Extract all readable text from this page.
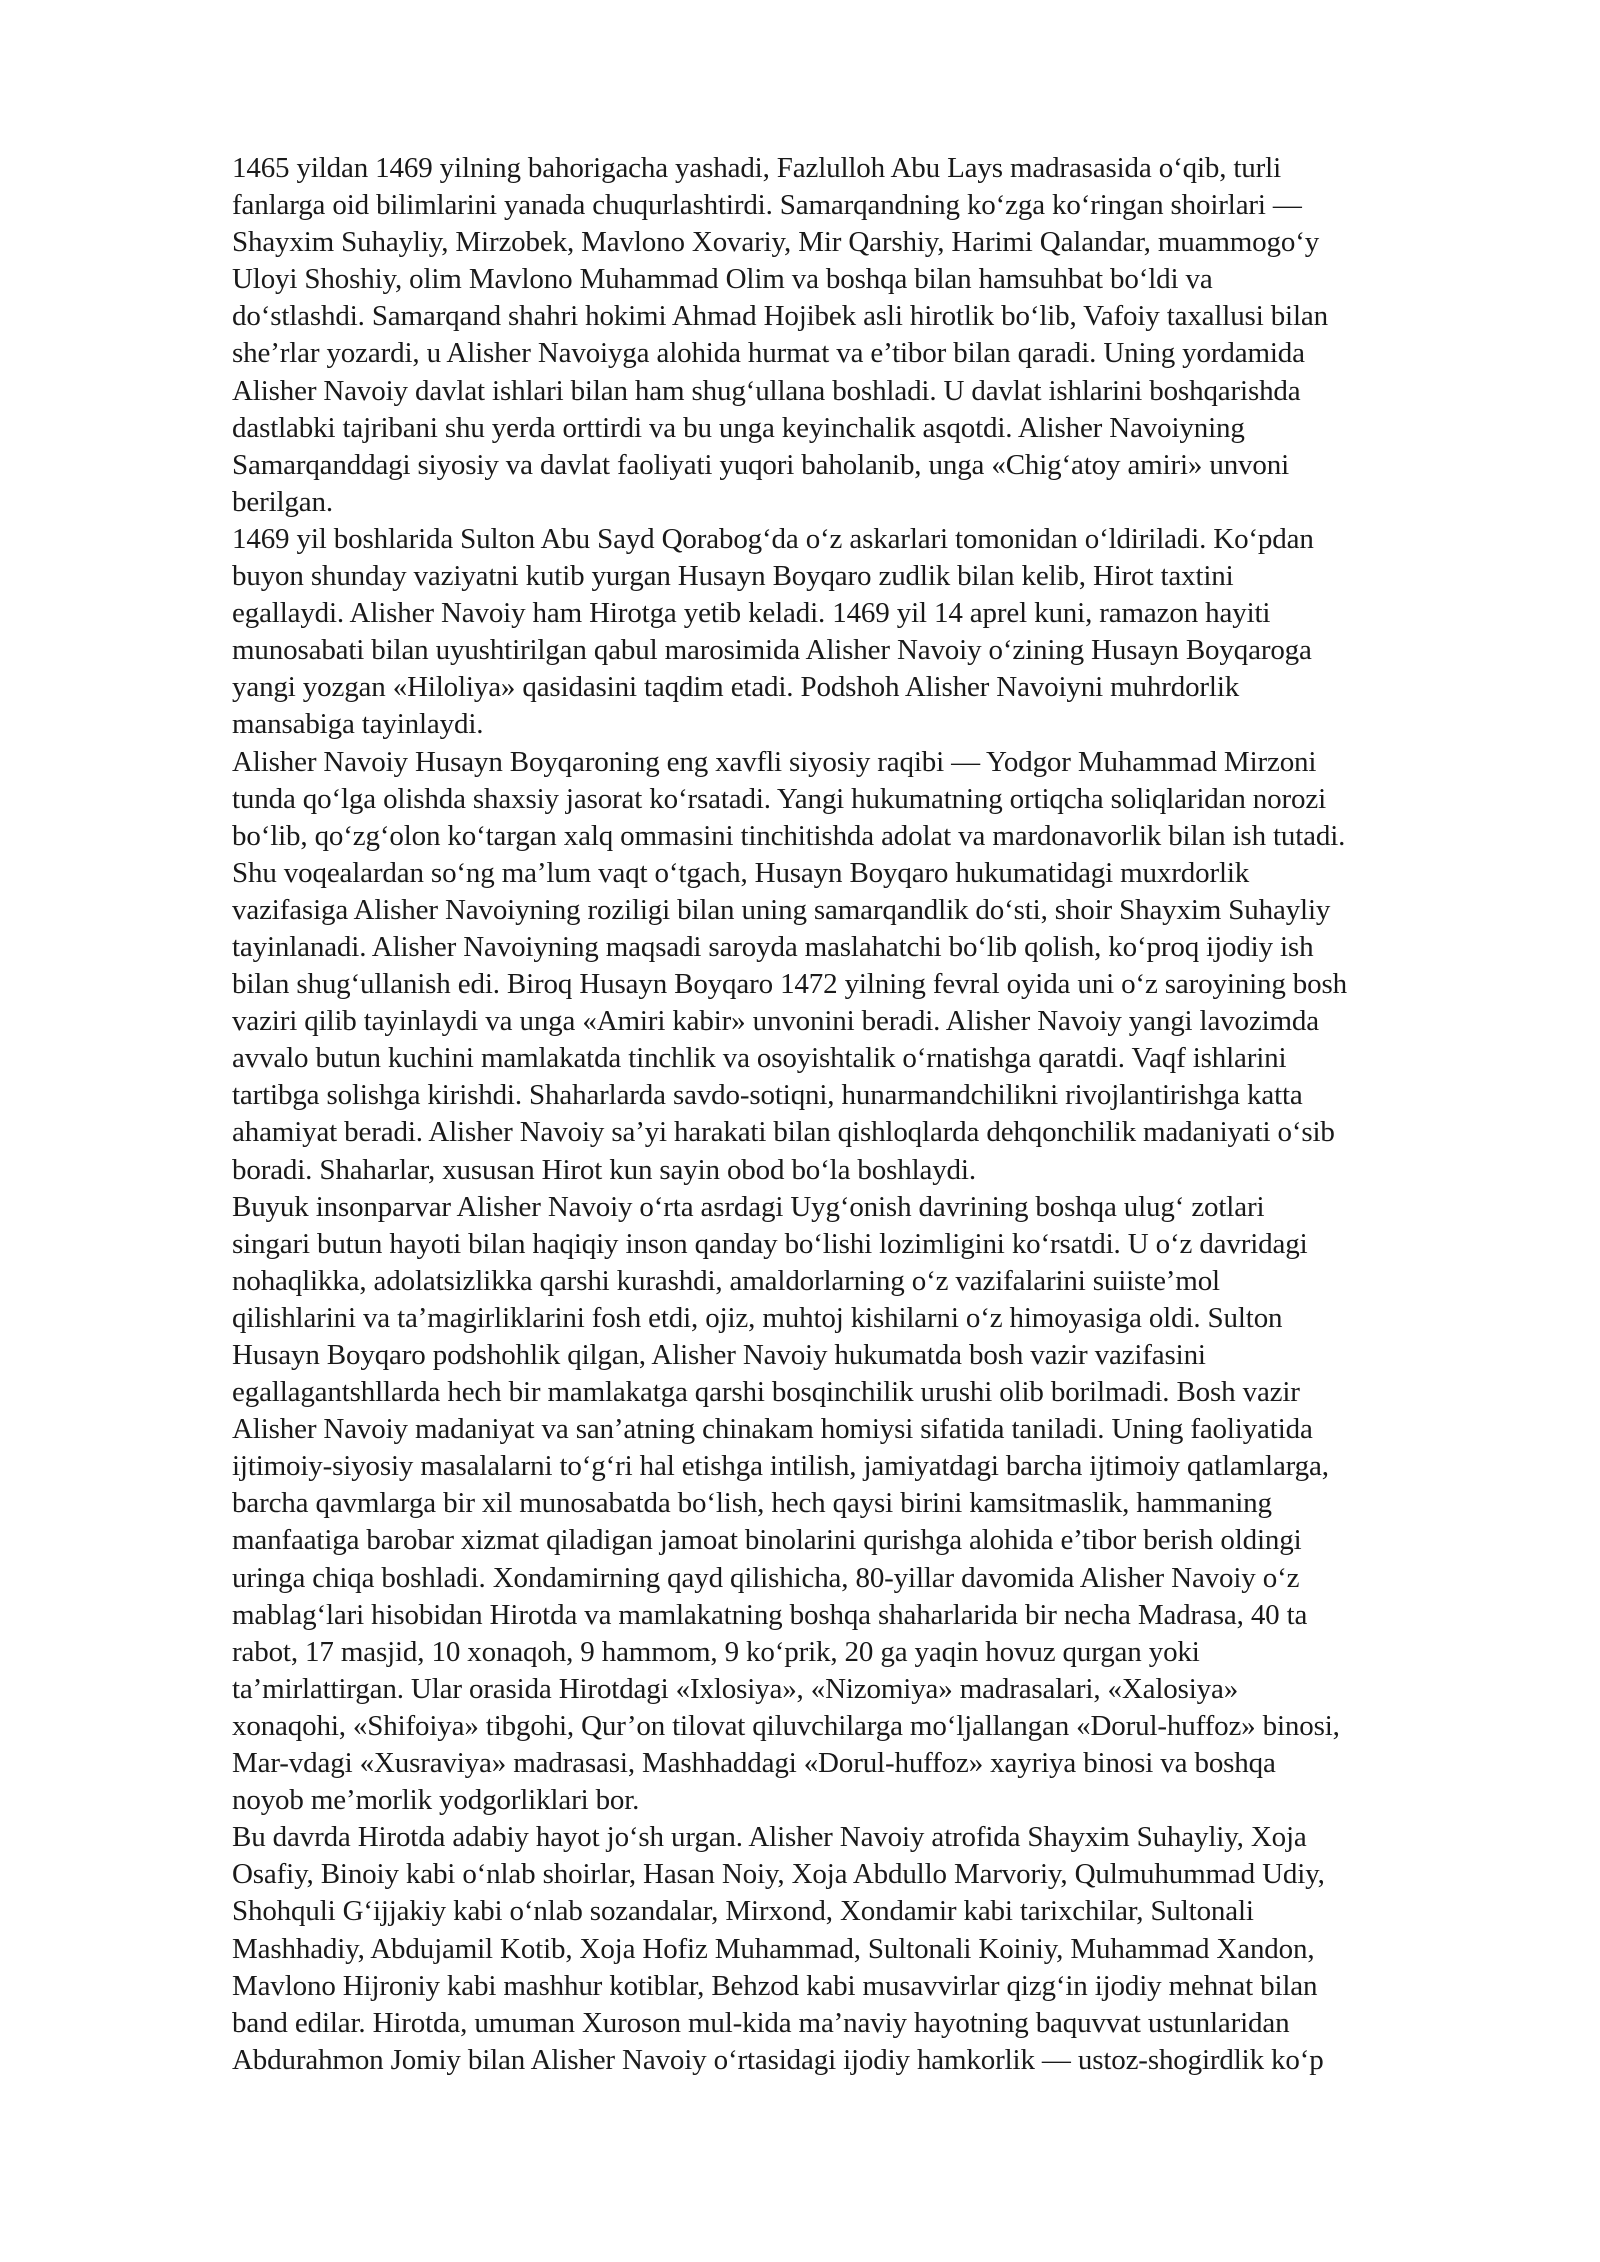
1465 yildan 1469 yilning bahorigacha yashadi, Fazlulloh Abu Lays madrasasida o‘qib, turli
fanlarga oid bilimlarini yanada chuqurlashtirdi. Samarqandning ko‘zga ko‘ringan shoirlari —
Shayxim Suhayliy, Mirzobek, Mavlono Xovariy, Mir Qarshiy, Harimi Qalandar, muammogo‘y
Uloyi Shoshiy, olim Mavlono Muhammad Olim va boshqa bilan hamsuhbat bo‘ldi va
do‘stlashdi. Samarqand shahri hokimi Ahmad Hojibek asli hirotlik bo‘lib, Vafoiy taxallusi bilan
she’rlar yozardi, u Alisher Navoiyga alohida hurmat va e’tibor bilan qaradi. Uning yordamida
Alisher Navoiy davlat ishlari bilan ham shug‘ullana boshladi. U davlat ishlarini boshqarishda
dastlabki tajribani shu yerda orttirdi va bu unga keyinchalik asqotdi. Alisher Navoiyning
Samarqanddagi siyosiy va davlat faoliyati yuqori baholanib, unga «Chig‘atoy amiri» unvoni
berilgan.

1469 yil boshlarida Sulton Abu Sayd Qorabog‘da o‘z askarlari tomonidan o‘ldiriladi. Ko‘pdan
buyon shunday vaziyatni kutib yurgan Husayn Boyqaro zudlik bilan kelib, Hirot taxtini
egallaydi. Alisher Navoiy ham Hirotga yetib keladi. 1469 yil 14 aprel kuni, ramazon hayiti
munosabati bilan uyushtirilgan qabul marosimida Alisher Navoiy o‘zining Husayn Boyqaroga
yangi yozgan «Hiloliya» qasidasini taqdim etadi. Podshoh Alisher Navoiyni muhrdorlik
mansabiga tayinlaydi.

Alisher Navoiy Husayn Boyqaroning eng xavfli siyosiy raqibi — Yodgor Muhammad Mirzoni
tunda qo‘lga olishda shaxsiy jasorat ko‘rsatadi. Yangi hukumatning ortiqcha soliqlaridan norozi
bo‘lib, qo‘zg‘olon ko‘targan xalq ommasini tinchitishda adolat va mardonavorlik bilan ish tutadi.
Shu voqealardan so‘ng ma’lum vaqt o‘tgach, Husayn Boyqaro hukumatidagi muxrdorlik
vazifasiga Alisher Navoiyning roziligi bilan uning samarqandlik do‘sti, shoir Shayxim Suhayliy
tayinlanadi. Alisher Navoiyning maqsadi saroyda maslahatchi bo‘lib qolish, ko‘proq ijodiy ish
bilan shug‘ullanish edi. Biroq Husayn Boyqaro 1472 yilning fevral oyida uni o‘z saroyining bosh
vaziri qilib tayinlaydi va unga «Amiri kabir» unvonini beradi. Alisher Navoiy yangi lavozimda
avvalo butun kuchini mamlakatda tinchlik va osoyishtalik o‘rnatishga qaratdi. Vaqf ishlarini
tartibga solishga kirishdi. Shaharlarda savdo-sotiqni, hunarmandchilikni rivojlantirishga katta
ahamiyat beradi. Alisher Navoiy sa’yi harakati bilan qishloqlarda dehqonchilik madaniyati o‘sib
boradi. Shaharlar, xususan Hirot kun sayin obod bo‘la boshlaydi.

Buyuk insonparvar Alisher Navoiy o‘rta asrdagi Uyg‘onish davrining boshqa ulug‘ zotlari
singari butun hayoti bilan haqiqiy inson qanday bo‘lishi lozimligini ko‘rsatdi. U o‘z davridagi
nohaqlikka, adolatsizlikka qarshi kurashdi, amaldorlarning o‘z vazifalarini suiiste’mol
qilishlarini va ta’magirliklarini fosh etdi, ojiz, muhtoj kishilarni o‘z himoyasiga oldi. Sulton
Husayn Boyqaro podshohlik qilgan, Alisher Navoiy hukumatda bosh vazir vazifasini
egallagantshllarda hech bir mamlakatga qarshi bosqinchilik urushi olib borilmadi. Bosh vazir
Alisher Navoiy madaniyat va san’atning chinakam homiysi sifatida taniladi. Uning faoliyatida
ijtimoiy-siyosiy masalalarni to‘g‘ri hal etishga intilish, jamiyatdagi barcha ijtimoiy qatlamlarga,
barcha qavmlarga bir xil munosabatda bo‘lish, hech qaysi birini kamsitmaslik, hammaning
manfaatiga barobar xizmat qiladigan jamoat binolarini qurishga alohida e’tibor berish oldingi
uringa chiqa boshladi. Xondamirning qayd qilishicha, 80-yillar davomida Alisher Navoiy o‘z
mablag‘lari hisobidan Hirotda va mamlakatning boshqa shaharlarida bir necha Madrasa, 40 ta
rabot, 17 masjid, 10 xonaqoh, 9 hammom, 9 ko‘prik, 20 ga yaqin hovuz qurgan yoki
ta’mirlattirgan. Ular orasida Hirotdagi «Ixlosiya», «Nizomiya» madrasalari, «Xalosiya»
xonaqohi, «Shifoiya» tibgohi, Qur’on tilovat qiluvchilarga mo‘ljallangan «Dorul-huffoz» binosi,
Mar-vdagi «Xusraviya» madrasasi, Mashhaddagi «Dorul-huffoz» xayriya binosi va boshqa
noyob me’morlik yodgorliklari bor.

Bu davrda Hirotda adabiy hayot jo‘sh urgan. Alisher Navoiy atrofida Shayxim Suhayliy, Xoja
Osafiy, Binoiy kabi o‘nlab shoirlar, Hasan Noiy, Xoja Abdullo Marvoriy, Qulmuhummad Udiy,
Shohquli G‘ijjakiy kabi o‘nlab sozandalar, Mirxond, Xondamir kabi tarixchilar, Sultonali
Mashhadiy, Abdujamil Kotib, Xoja Hofiz Muhammad, Sultonali Koiniy, Muhammad Xandon,
Mavlono Hijroniy kabi mashhur kotiblar, Behzod kabi musavvirlar qizg‘in ijodiy mehnat bilan
band edilar. Hirotda, umuman Xuroson mul-kida ma’naviy hayotning baquvvat ustunlaridan
Abdurahmon Jomiy bilan Alisher Navoiy o‘rtasidagi ijodiy hamkorlik — ustoz-shogirdlik ko‘p
